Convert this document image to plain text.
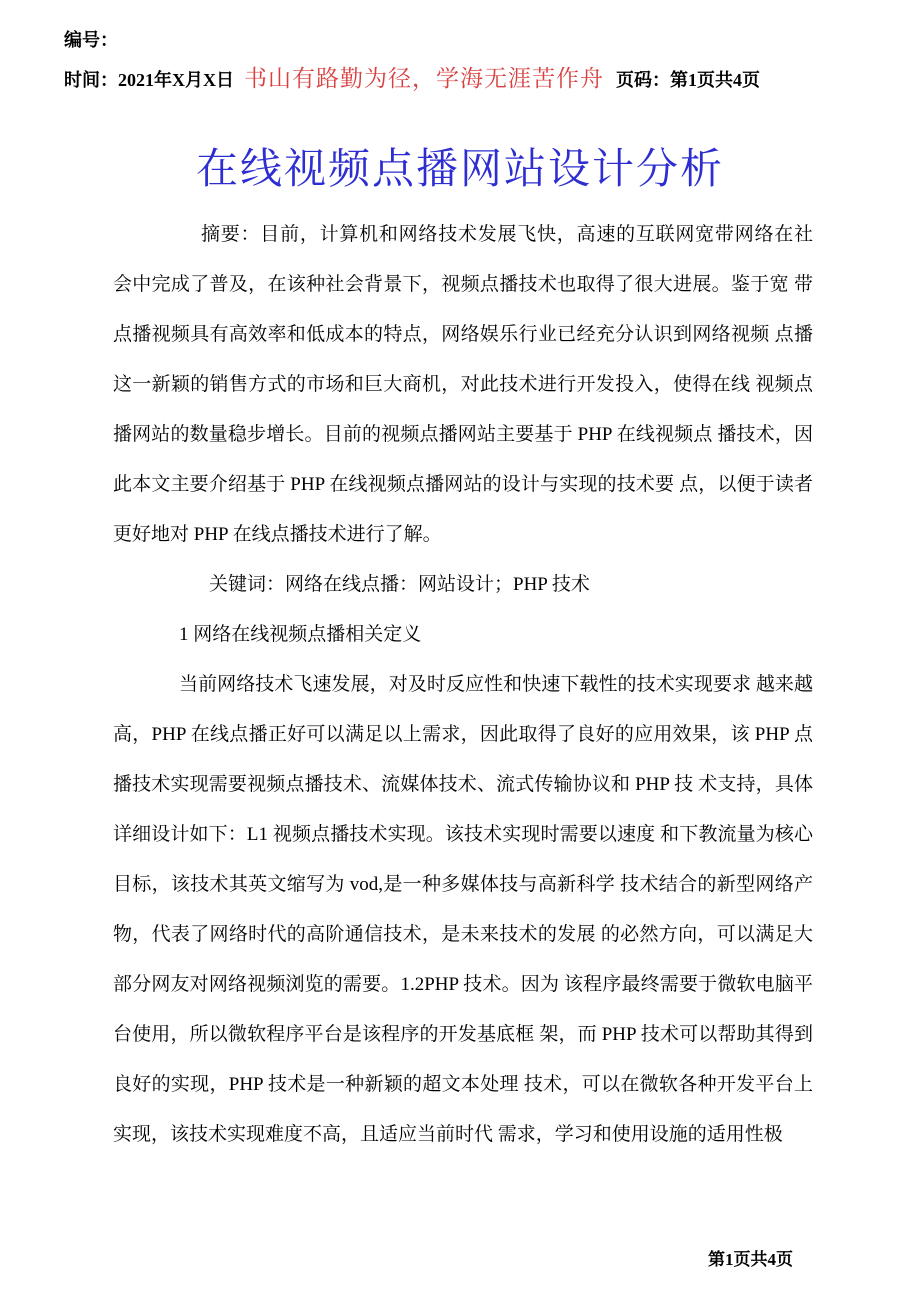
编号：
时间：2021年X月X日 书山有路勤为径，学海无涯苦作舟 页码：第1页共4页
在线视频点播网站设计分析

摘要：目前，计算机和网络技术发展飞快，高速的互联网宽带网络在社 会中完成了普及，在该种社会背景下，视频点播技术也取得了很大进展。鉴于宽 带点播视频具有高效率和低成本的特点，网络娱乐行业已经充分认识到网络视频 点播这一新颖的销售方式的市场和巨大商机，对此技术进行开发投入，使得在线 视频点播网站的数量稳步增长。目前的视频点播网站主要基于 PHP 在线视频点 播技术，因此本文主要介绍基于 PHP 在线视频点播网站的设计与实现的技术要 点，以便于读者更好地对 PHP 在线点播技术进行了解。

关键词：网络在线点播：网站设计；PHP 技术

1 网络在线视频点播相关定义

当前网络技术飞速发展，对及时反应性和快速下载性的技术实现要求 越来越高，PHP 在线点播正好可以满足以上需求，因此取得了良好的应用效果，该 PHP 点播技术实现需要视频点播技术、流媒体技术、流式传输协议和 PHP 技 术支持，具体详细设计如下：L1 视频点播技术实现。该技术实现时需要以速度 和下教流量为核心目标，该技术其英文缩写为 vod,是一种多媒体技与高新科学 技术结合的新型网络产物，代表了网络时代的高阶通信技术，是未来技术的发展 的必然方向，可以满足大部分网友对网络视频浏览的需要。1.2PHP 技术。因为 该程序最终需要于微软电脑平台使用，所以微软程序平台是该程序的开发基底框 架，而 PHP 技术可以帮助其得到良好的实现，PHP 技术是一种新颖的超文本处理 技术，可以在微软各种开发平台上实现，该技术实现难度不高，且适应当前时代 需求，学习和使用设施的适用性极

第1页共4页
